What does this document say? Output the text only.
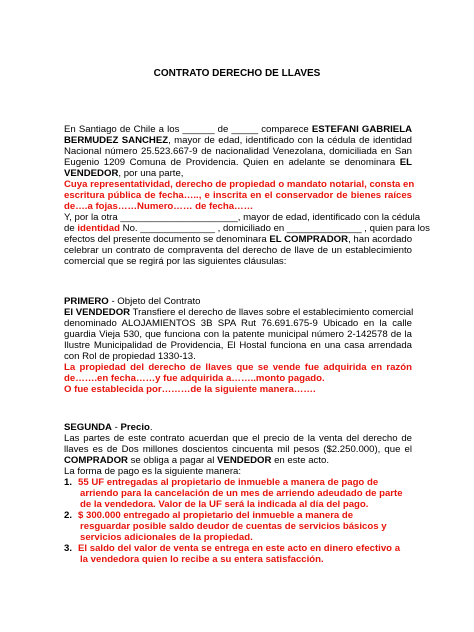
CONTRATO DERECHO DE LLAVES
En Santiago de Chile a los ______ de _____ comparece ESTEFANI GABRIELA
BERMUDEZ SANCHEZ, mayor de edad, identificado con la cédula de identidad
Nacional número 25.523.667-9 de nacionalidad Venezolana, domiciliada en San
Eugenio 1209 Comuna de Providencia. Quien en adelante se denominara EL
VENDEDOR, por una parte,
Cuya representatividad, derecho de propiedad o mandato notarial, consta en
escritura pública de fecha….., e inscrita en el conservador de bienes raíces
de….a fojas……Numero…… de fecha……
Y, por la otra ______________________, mayor de edad, identificado con la cédula
de identidad No. ______________ , domiciliado en ______________ , quien para los
efectos del presente documento se denominara EL COMPRADOR, han acordado
celebrar un contrato de compraventa del derecho de llave de un establecimiento
comercial que se regirá por las siguientes cláusulas:
PRIMERO - Objeto del Contrato
El VENDEDOR Transfiere el derecho de llaves sobre el establecimiento comercial
denominado ALOJAMIENTOS 3B SPA Rut 76.691.675-9 Ubicado en la calle
guardia Vieja 530, que funciona con la patente municipal número 2-142578 de la
Ilustre Municipalidad de Providencia, El Hostal funciona en una casa arrendada
con Rol de propiedad 1330-13.
La propiedad del derecho de llaves que se vende fue adquirida en razón
de…….en fecha……y fue adquirida a……..monto pagado.
O fue establecida por………de la siguiente manera…….
SEGUNDA - Precio.
Las partes de este contrato acuerdan que el precio de la venta del derecho de
llaves es de Dos millones doscientos cincuenta mil pesos ($2.250.000), que el
COMPRADOR se obliga a pagar al VENDEDOR en este acto.
La forma de pago es la siguiente manera:
1. 55 UF entregadas al propietario de inmueble a manera de pago de
arriendo para la cancelación de un mes de arriendo adeudado de parte
de la vendedora. Valor de la UF será la indicada al día del pago.
2. $ 300.000 entregado al propietario del inmueble a manera de
resguardar posible saldo deudor de cuentas de servicios básicos y
servicios adicionales de la propiedad.
3. El saldo del valor de venta se entrega en este acto en dinero efectivo a
la vendedora quien lo recibe a su entera satisfacción.
